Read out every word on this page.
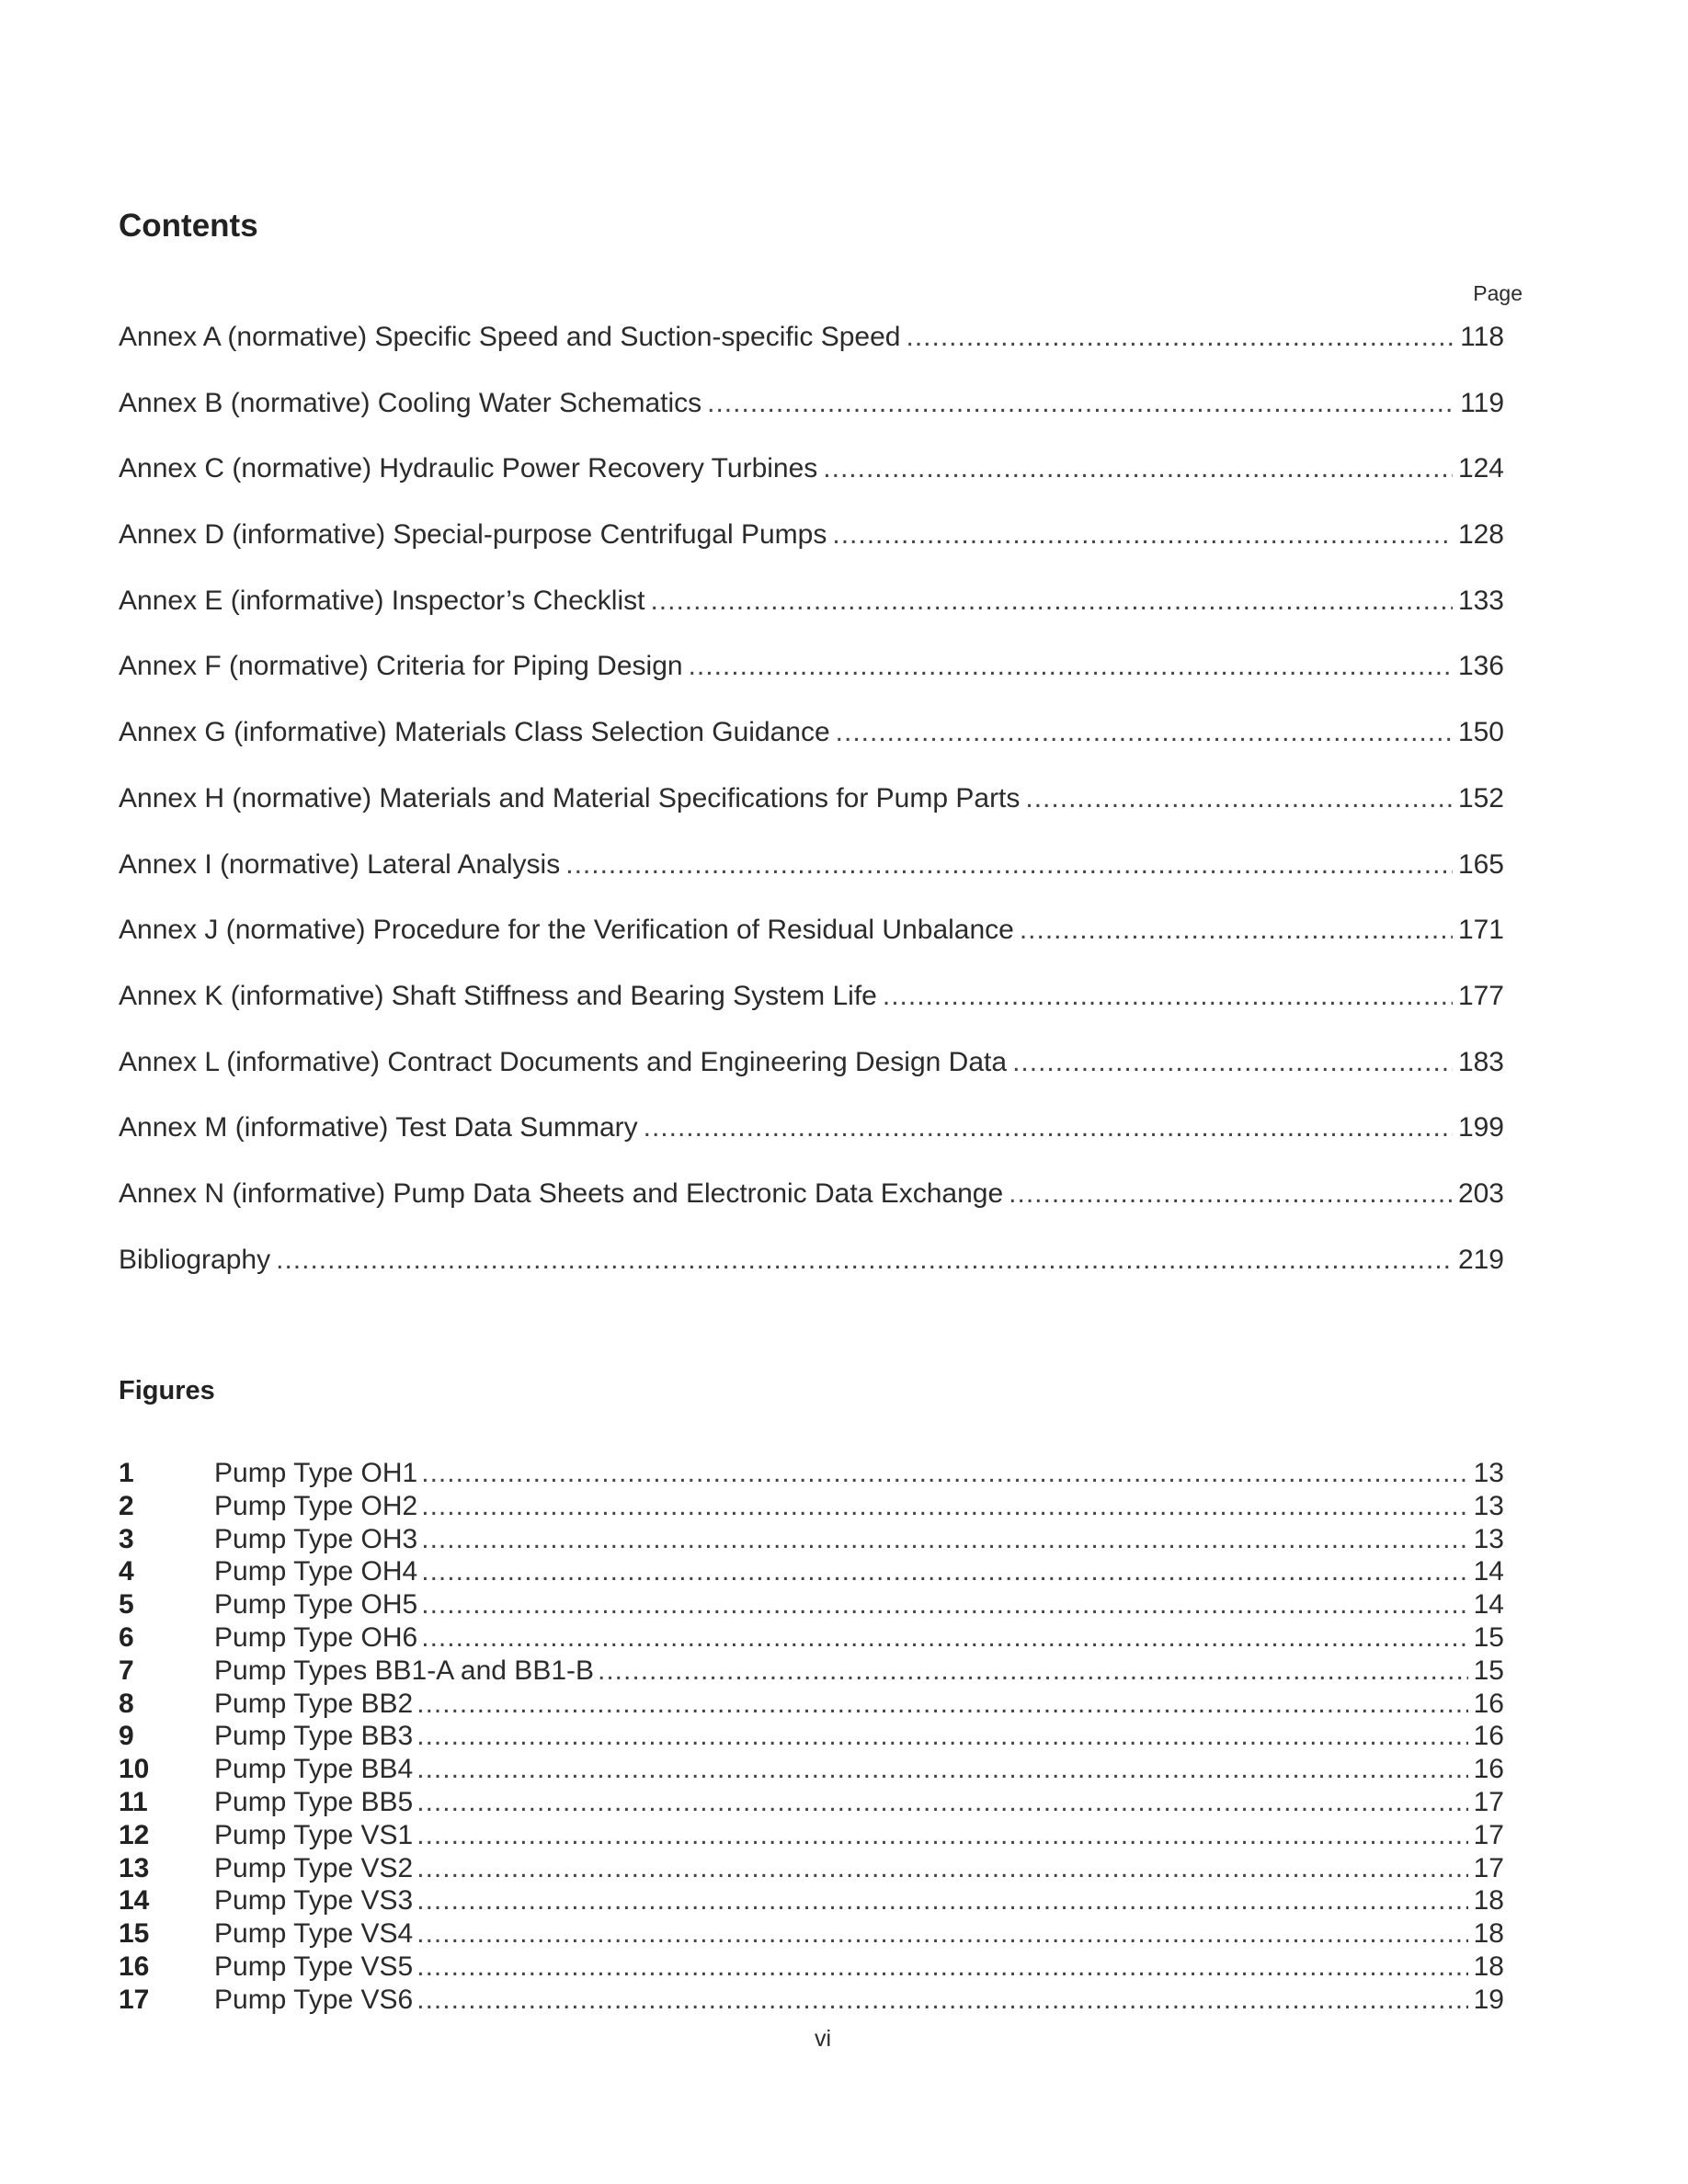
Contents
Page
Annex A (normative) Specific Speed and Suction-specific Speed .....	118
Annex B (normative) Cooling Water Schematics .....	119
Annex C (normative) Hydraulic Power Recovery Turbines .....	124
Annex D (informative) Special-purpose Centrifugal Pumps .....	128
Annex E (informative) Inspector’s Checklist .....	133
Annex F (normative) Criteria for Piping Design .....	136
Annex G (informative) Materials Class Selection Guidance .....	150
Annex H (normative) Materials and Material Specifications for Pump Parts .....	152
Annex I (normative) Lateral Analysis .....	165
Annex J (normative) Procedure for the Verification of Residual Unbalance .....	171
Annex K (informative) Shaft Stiffness and Bearing System Life .....	177
Annex L (informative) Contract Documents and Engineering Design Data .....	183
Annex M (informative) Test Data Summary .....	199
Annex N (informative) Pump Data Sheets and Electronic Data Exchange .....	203
Bibliography .....	219
Figures
1	Pump Type OH1 .....	13
2	Pump Type OH2 .....	13
3	Pump Type OH3 .....	13
4	Pump Type OH4 .....	14
5	Pump Type OH5 .....	14
6	Pump Type OH6 .....	15
7	Pump Types BB1-A and BB1-B .....	15
8	Pump Type BB2 .....	16
9	Pump Type BB3 .....	16
10	Pump Type BB4 .....	16
11	Pump Type BB5 .....	17
12	Pump Type VS1 .....	17
13	Pump Type VS2 .....	17
14	Pump Type VS3 .....	18
15	Pump Type VS4 .....	18
16	Pump Type VS5 .....	18
17	Pump Type VS6 .....	19
vi
